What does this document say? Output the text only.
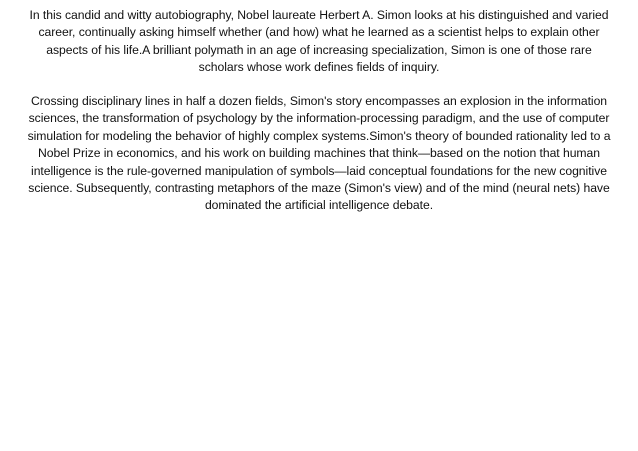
In this candid and witty autobiography, Nobel laureate Herbert A. Simon looks at his distinguished and varied career, continually asking himself whether (and how) what he learned as a scientist helps to explain other aspects of his life.A brilliant polymath in an age of increasing specialization, Simon is one of those rare scholars whose work defines fields of inquiry.

Crossing disciplinary lines in half a dozen fields, Simon's story encompasses an explosion in the information sciences, the transformation of psychology by the information-processing paradigm, and the use of computer simulation for modeling the behavior of highly complex systems.Simon's theory of bounded rationality led to a Nobel Prize in economics, and his work on building machines that think—based on the notion that human intelligence is the rule-governed manipulation of symbols—laid conceptual foundations for the new cognitive science. Subsequently, contrasting metaphors of the maze (Simon's view) and of the mind (neural nets) have dominated the artificial intelligence debate.
